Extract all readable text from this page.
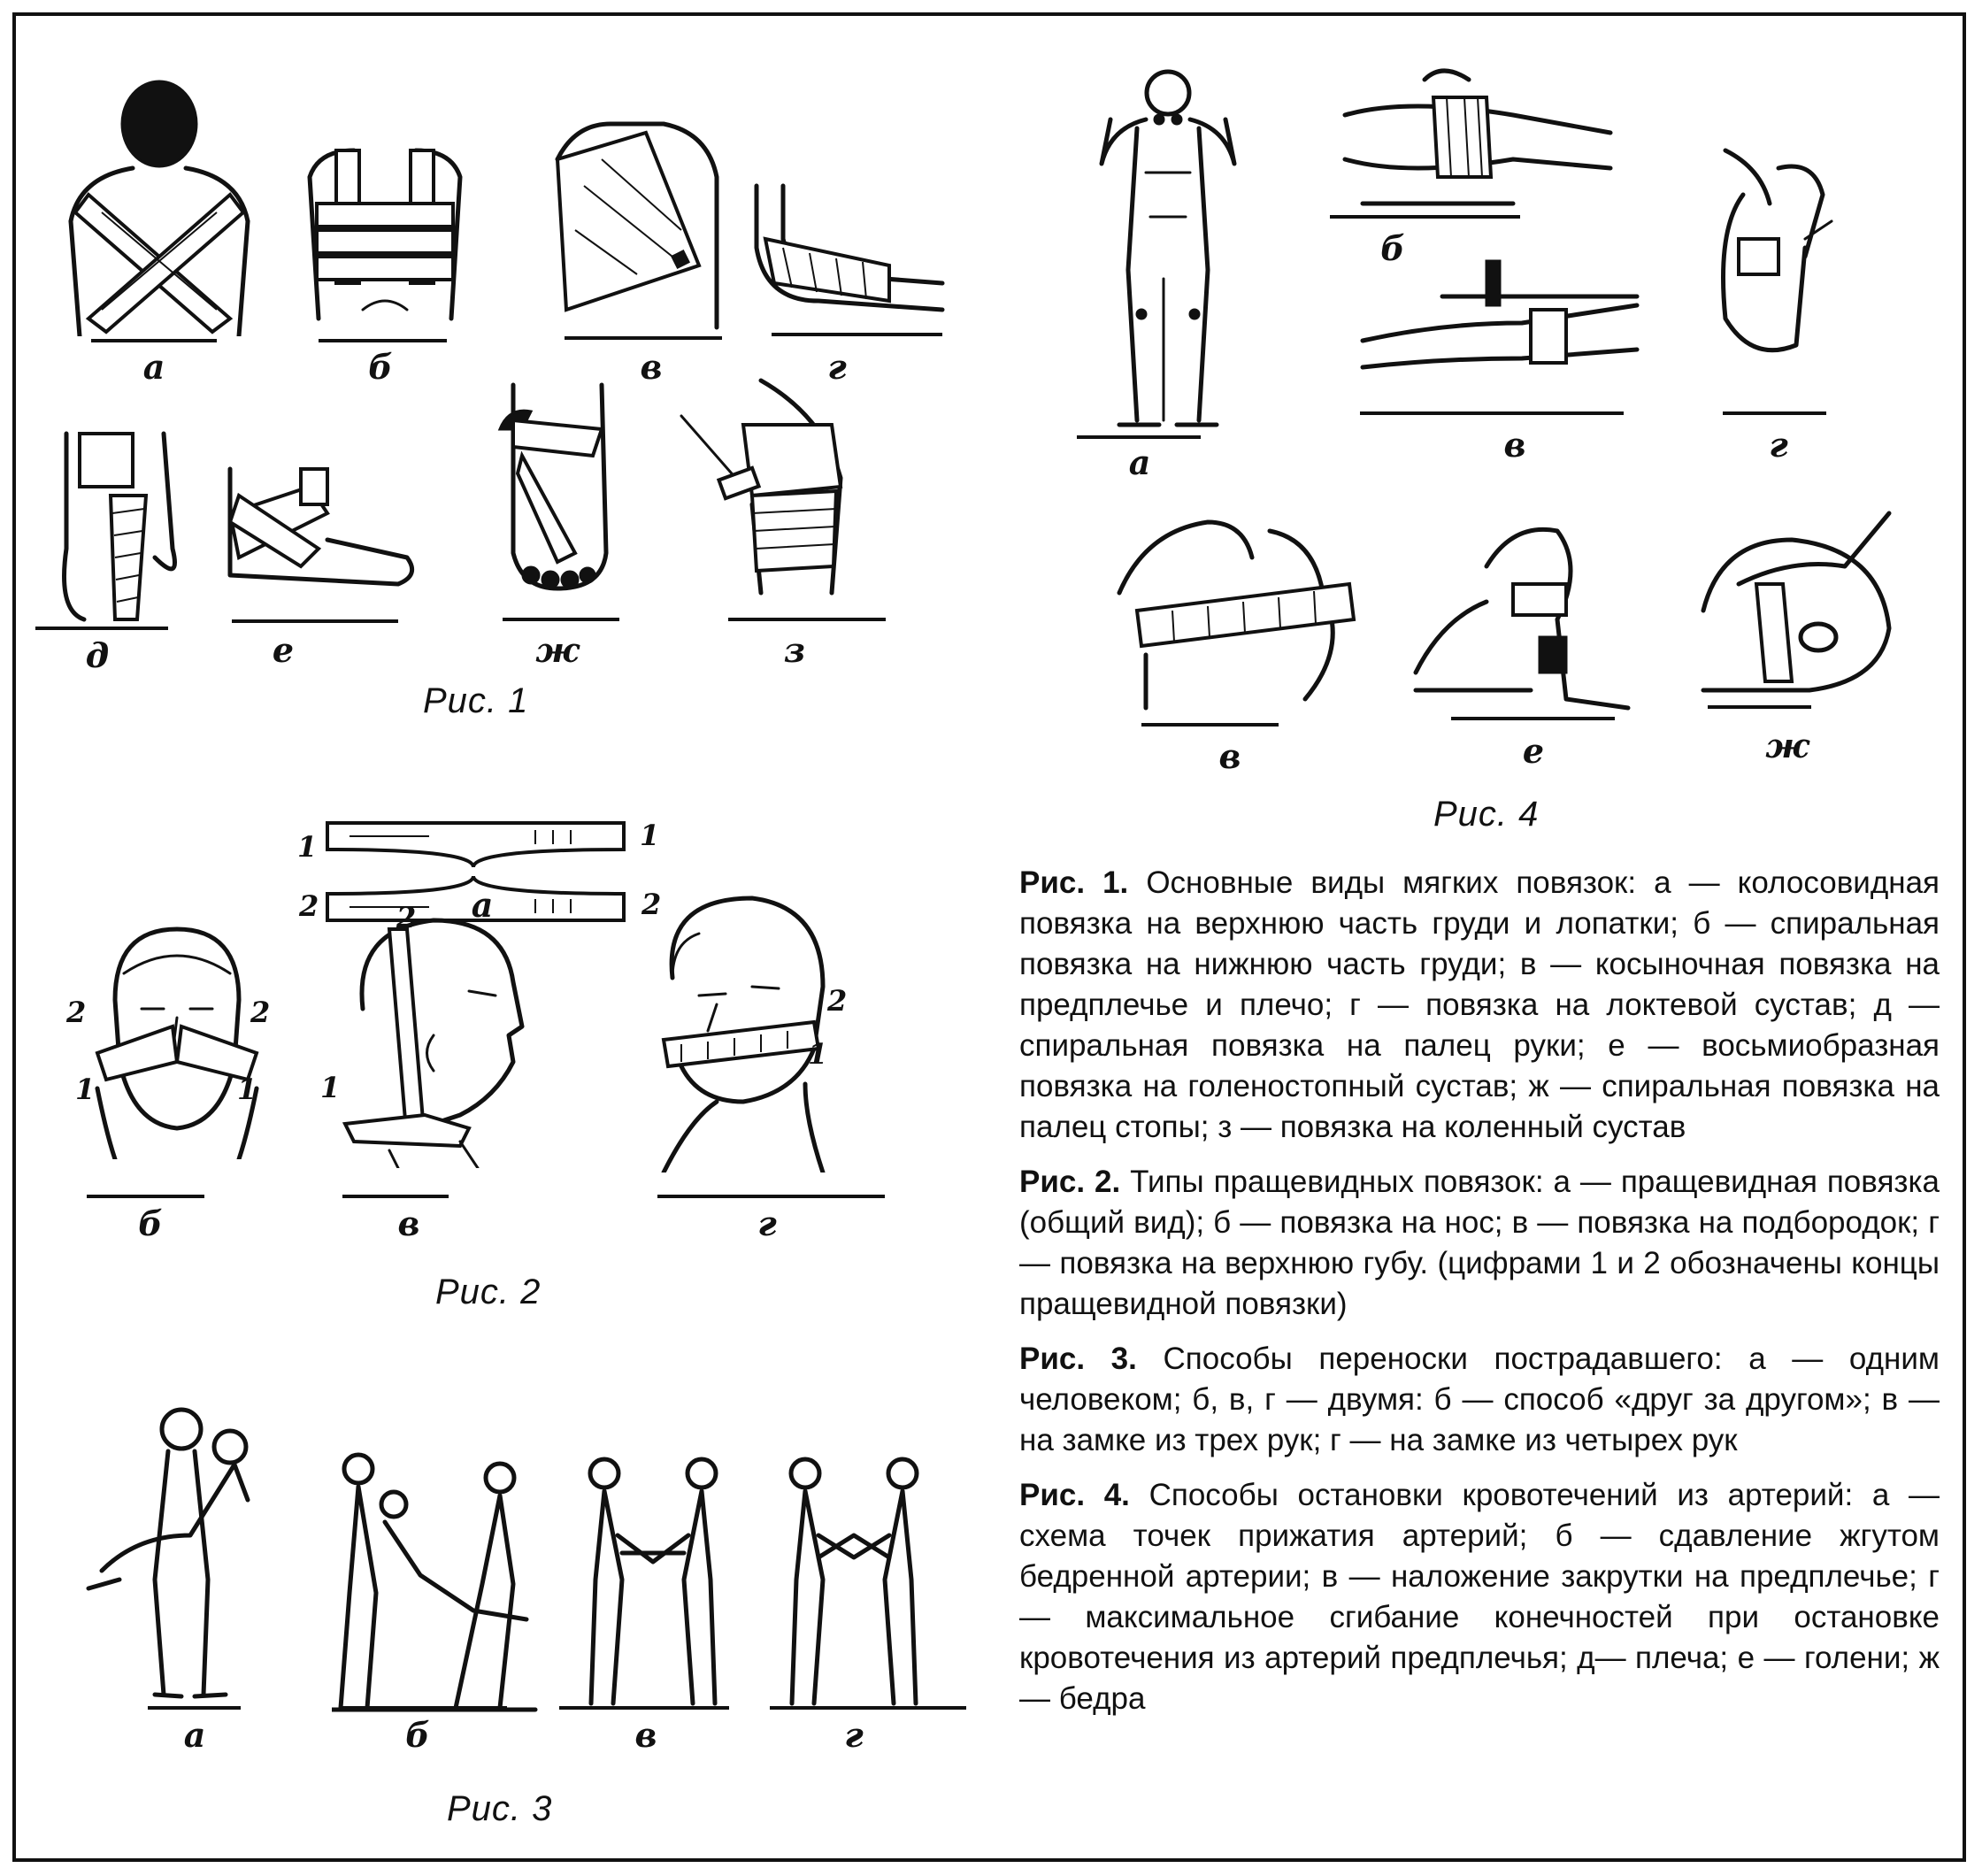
а	б	в	г
д	е	ж	з
Рис. 1
1	1
2	2
а
2	2
1	1
б
2
1
в
2
1
г
Рис. 2
а	б	в	г
Рис. 3
а
б
в	г
в	е	ж
Рис. 4

Рис. 1. Основные виды мягких повязок: а — колосовидная повязка на верхнюю часть груди и лопатки; б — спиральная повязка на нижнюю часть груди; в — косыночная повязка на предплечье и плечо; г — повязка на локтевой сустав; д — спиральная повязка на палец руки; е — восьмиобразная повязка на голеностопный сустав; ж — спиральная повязка на палец стопы; з — повязка на коленный сустав

Рис. 2. Типы пращевидных повязок: а — пращевидная повязка (общий вид); б — повязка на нос; в — повязка на подбородок; г — повязка на верхнюю губу. (цифрами 1 и 2 обозначены концы пращевидной повязки)

Рис. 3. Способы переноски пострадавшего: а — одним человеком; б, в, г — двумя: б — способ «друг за другом»; в — на замке из трех рук; г — на замке из четырех рук

Рис. 4. Способы остановки кровотечений из артерий: а — схема точек прижатия артерий; б — сдавление жгутом бедренной артерии; в — наложение закрутки на предплечье; г — максимальное сгибание конечностей при остановке кровотечения из артерий предплечья; д— плеча; е — голени; ж — бедра
